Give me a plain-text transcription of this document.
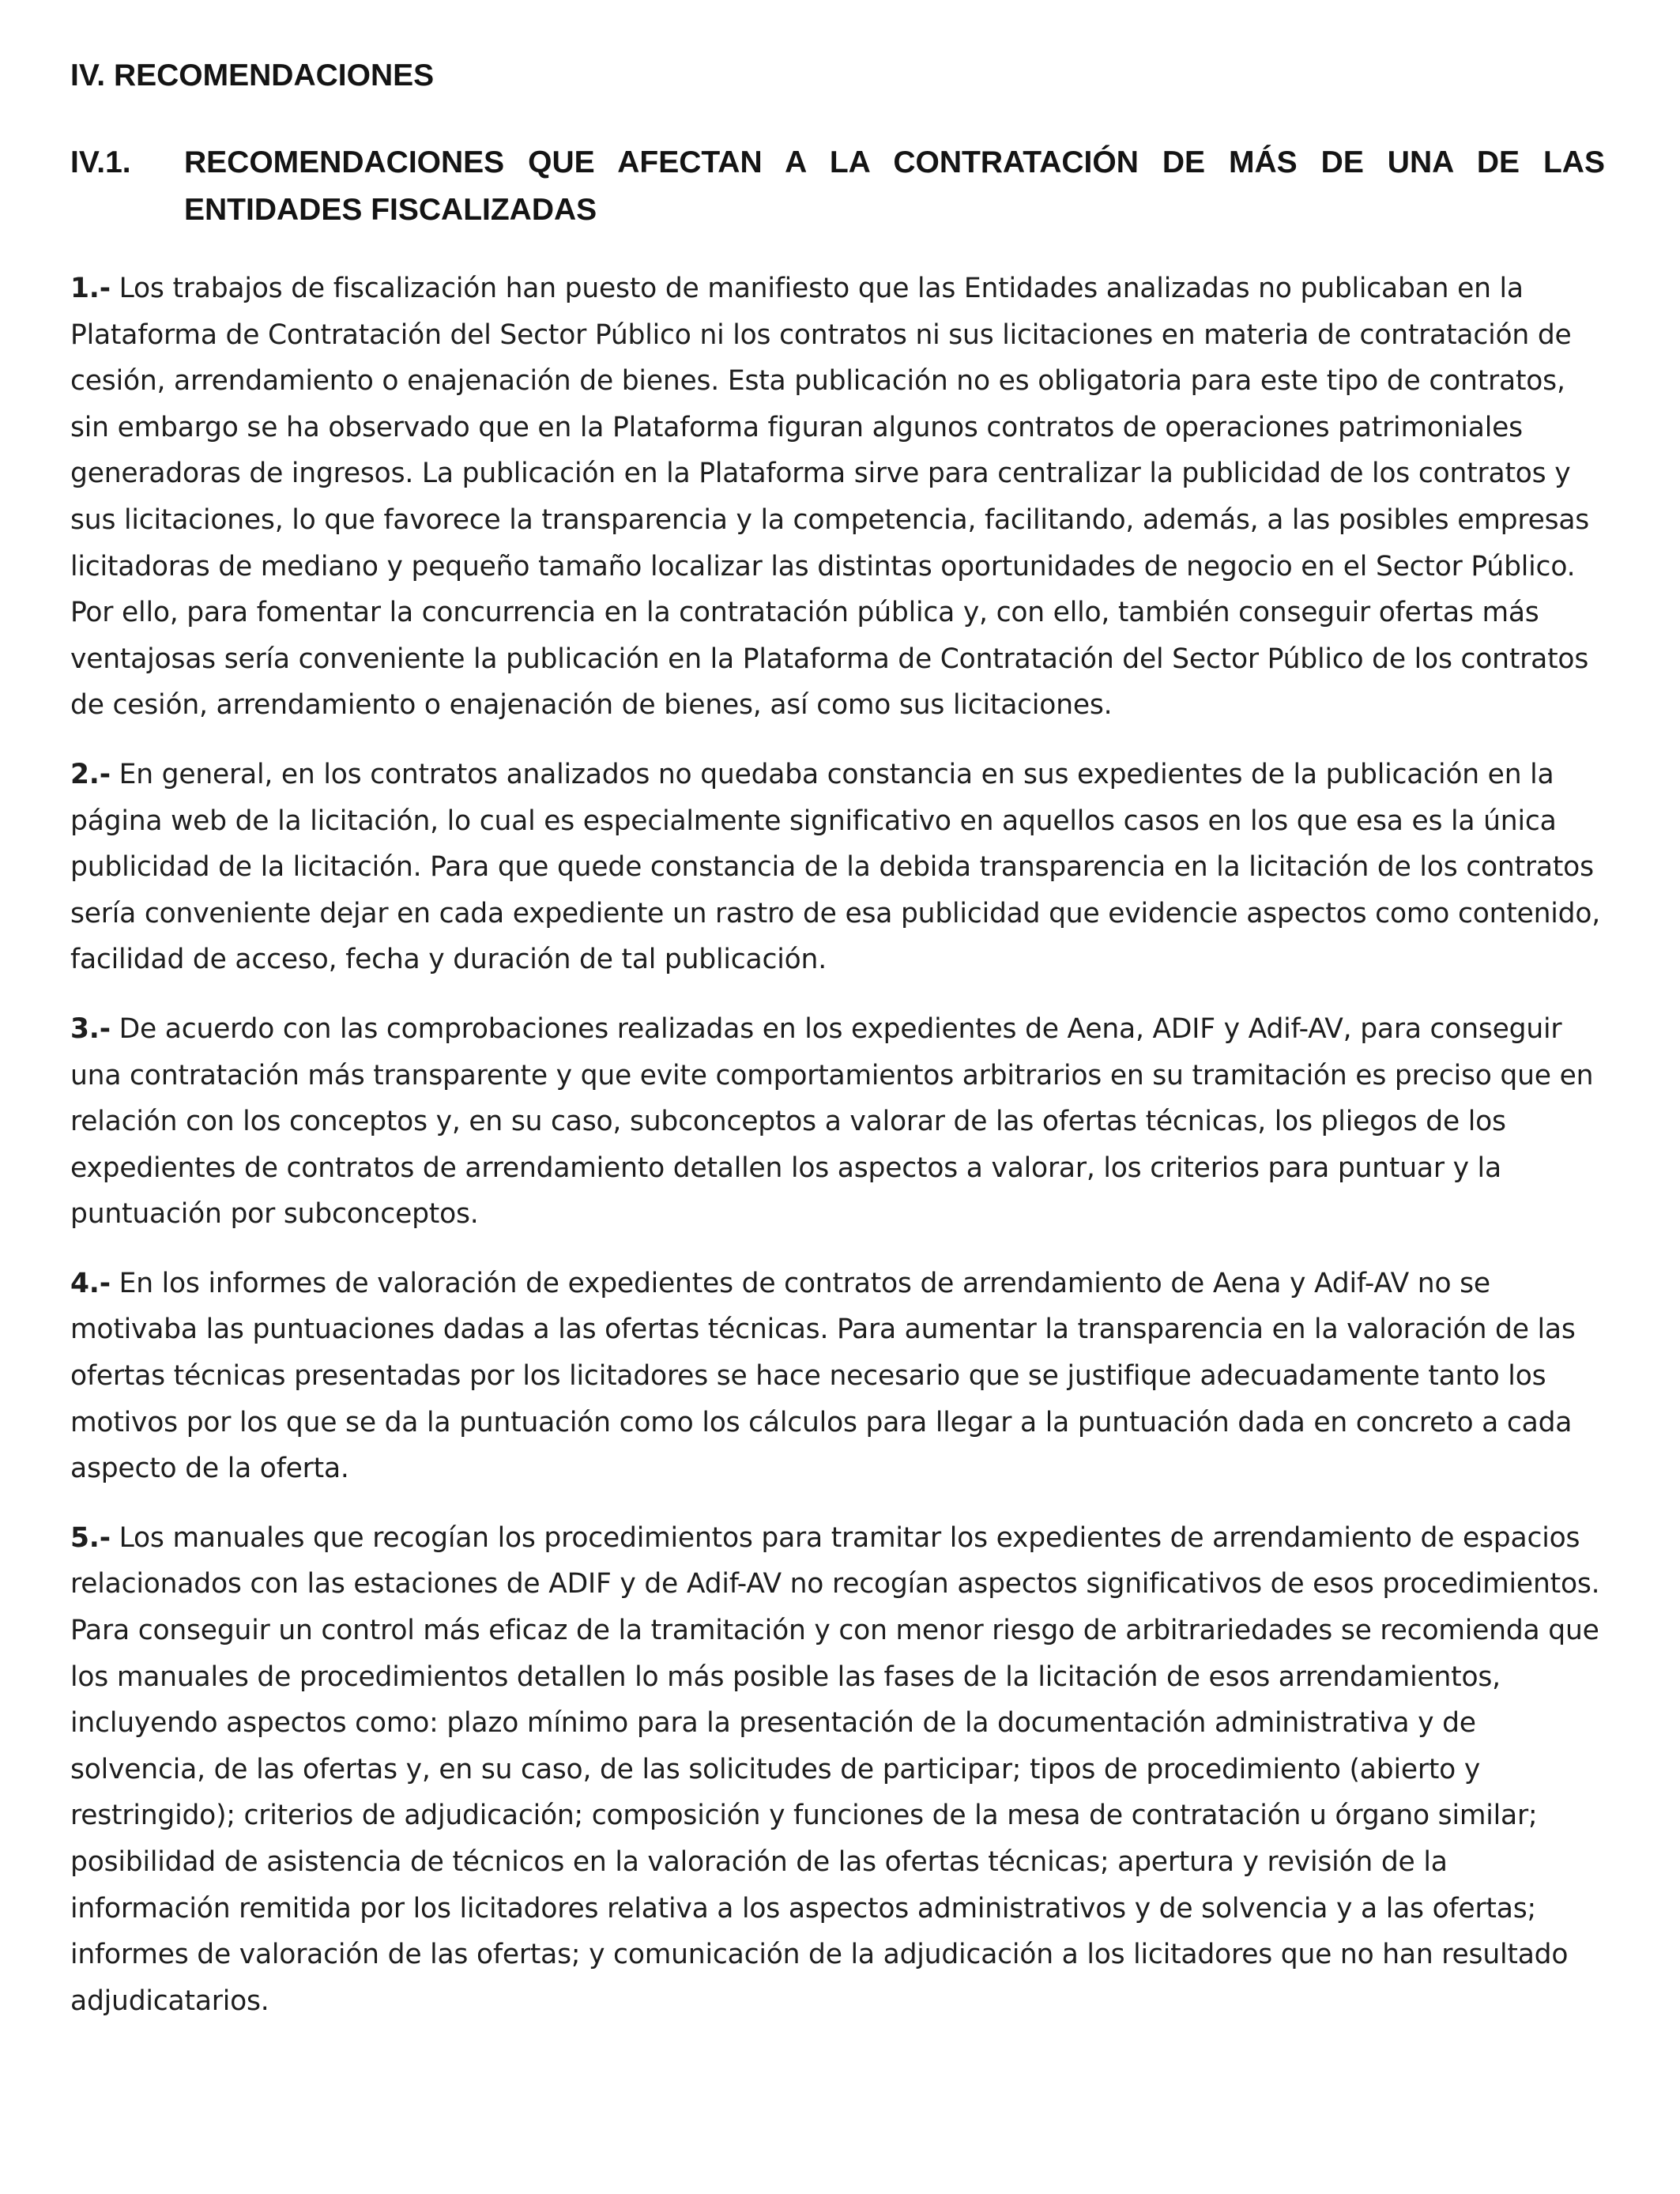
IV. RECOMENDACIONES
IV.1.	RECOMENDACIONES QUE AFECTAN A LA CONTRATACIÓN DE MÁS DE UNA DE LAS ENTIDADES FISCALIZADAS

1.- Los trabajos de fiscalización han puesto de manifiesto que las Entidades analizadas no publicaban en la Plataforma de Contratación del Sector Público ni los contratos ni sus licitaciones en materia de contratación de cesión, arrendamiento o enajenación de bienes. Esta publicación no es obligatoria para este tipo de contratos, sin embargo se ha observado que en la Plataforma figuran algunos contratos de operaciones patrimoniales generadoras de ingresos. La publicación en la Plataforma sirve para centralizar la publicidad de los contratos y sus licitaciones, lo que favorece la transparencia y la competencia, facilitando, además, a las posibles empresas licitadoras de mediano y pequeño tamaño localizar las distintas oportunidades de negocio en el Sector Público. Por ello, para fomentar la concurrencia en la contratación pública y, con ello, también conseguir ofertas más ventajosas sería conveniente la publicación en la Plataforma de Contratación del Sector Público de los contratos de cesión, arrendamiento o enajenación de bienes, así como sus licitaciones.

2.- En general, en los contratos analizados no quedaba constancia en sus expedientes de la publicación en la página web de la licitación, lo cual es especialmente significativo en aquellos casos en los que esa es la única publicidad de la licitación. Para que quede constancia de la debida transparencia en la licitación de los contratos sería conveniente dejar en cada expediente un rastro de esa publicidad que evidencie aspectos como contenido, facilidad de acceso, fecha y duración de tal publicación.

3.- De acuerdo con las comprobaciones realizadas en los expedientes de Aena, ADIF y Adif-AV, para conseguir una contratación más transparente y que evite comportamientos arbitrarios en su tramitación es preciso que en relación con los conceptos y, en su caso, subconceptos a valorar de las ofertas técnicas, los pliegos de los expedientes de contratos de arrendamiento detallen los aspectos a valorar, los criterios para puntuar y la puntuación por subconceptos.

4.- En los informes de valoración de expedientes de contratos de arrendamiento de Aena y Adif-AV no se motivaba las puntuaciones dadas a las ofertas técnicas. Para aumentar la transparencia en la valoración de las ofertas técnicas presentadas por los licitadores se hace necesario que se justifique adecuadamente tanto los motivos por los que se da la puntuación como los cálculos para llegar a la puntuación dada en concreto a cada aspecto de la oferta.

5.- Los manuales que recogían los procedimientos para tramitar los expedientes de arrendamiento de espacios relacionados con las estaciones de ADIF y de Adif-AV no recogían aspectos significativos de esos procedimientos. Para conseguir un control más eficaz de la tramitación y con menor riesgo de arbitrariedades se recomienda que los manuales de procedimientos detallen lo más posible las fases de la licitación de esos arrendamientos, incluyendo aspectos como: plazo mínimo para la presentación de la documentación administrativa y de solvencia, de las ofertas y, en su caso, de las solicitudes de participar; tipos de procedimiento (abierto y restringido); criterios de adjudicación; composición y funciones de la mesa de contratación u órgano similar; posibilidad de asistencia de técnicos en la valoración de las ofertas técnicas; apertura y revisión de la información remitida por los licitadores relativa a los aspectos administrativos y de solvencia y a las ofertas; informes de valoración de las ofertas; y comunicación de la adjudicación a los licitadores que no han resultado adjudicatarios.
